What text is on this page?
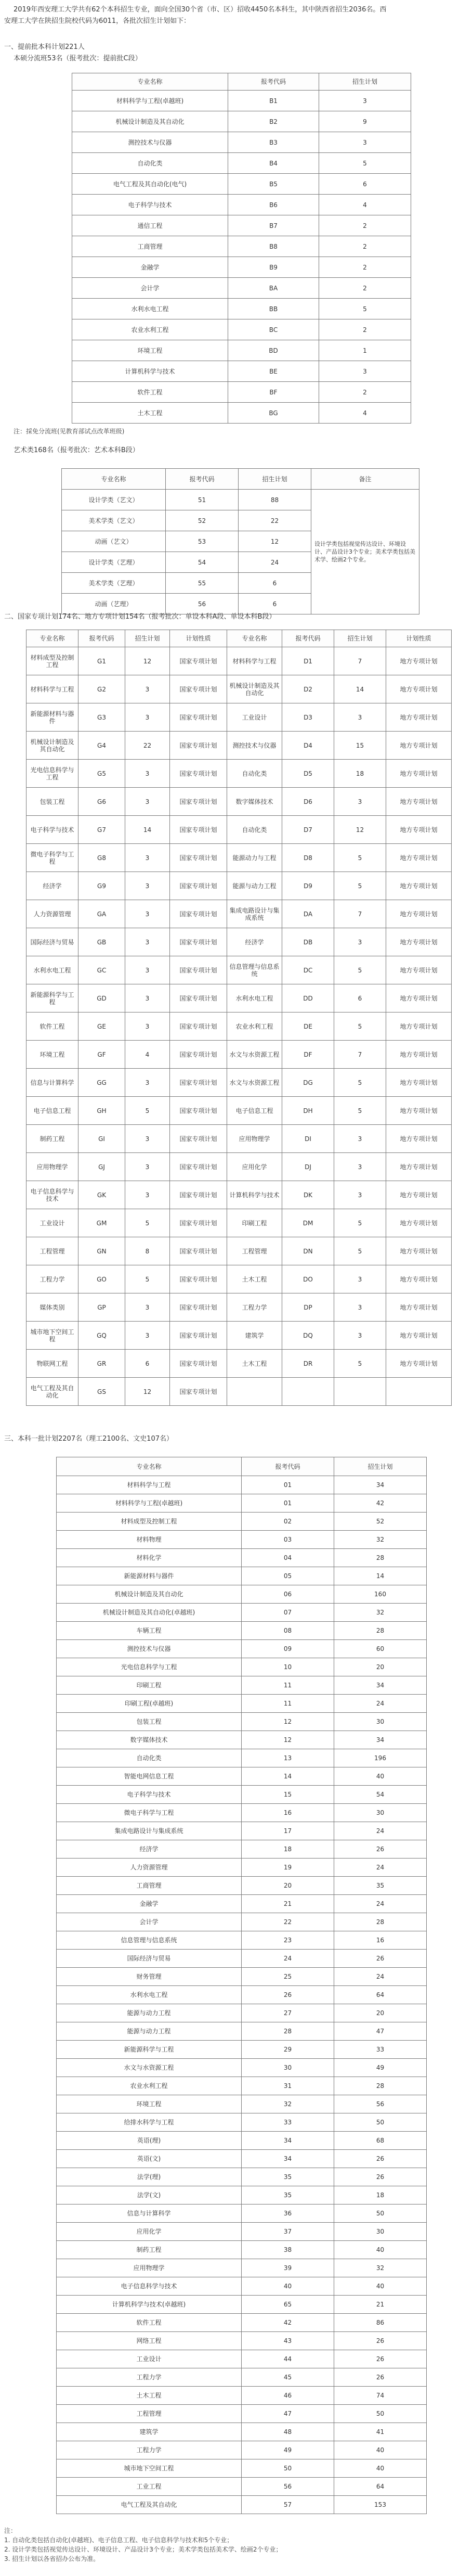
2019年西安理工大学共有62个本科招生专业，面向全国30个省（市、区）招收4450名本科生，其中陕西省招生2036名。西

安理工大学在陕招生院校代码为6011，各批次招生计划如下：

一、提前批本科计划221人

本硕分流班53名（报考批次：提前批C段）

专业名称	报考代码	招生计划
材料科学与工程(卓越班)	B1	3
机械设计制造及其自动化	B2	9
测控技术与仪器	B3	3
自动化类	B4	5
电气工程及其自动化(电气)	B5	6
电子科学与技术	B6	4
通信工程	B7	2
工商管理	B8	2
金融学	B9	2
会计学	BA	2
水利水电工程	BB	5
农业水利工程	BC	2
环境工程	BD	1
计算机科学与技术	BE	3
软件工程	BF	2
土木工程	BG	4

注：採免分流班(见教育部试点改革班级)

艺术类168名（报考批次：艺术本科B段）

专业名称	报考代码	招生计划	备注
设计学类（艺文）	51	88	设计学类包括视觉传达设计、环境设计、产品设计3个专业；美术学类包括美术学、绘画2个专业。
美术学类（艺文）	52	22	
动画（艺文）	53	12	
设计学类（艺理）	54	24	
美术学类（艺理）	55	6	
动画（艺理）	56	6	

二、国家专项计划174名、地方专项计划154名（报考批次：单设本科A段、单设本科B段）

专业名称	报考代码	招生计划	计划性质	专业名称	报考代码	招生计划	计划性质
材料成型及控制工程	G1	12	国家专项计划	材料科学与工程	D1	7	地方专项计划
材料科学与工程	G2	3	国家专项计划	机械设计制造及其自动化	D2	14	地方专项计划
新能源材料与器件	G3	3	国家专项计划	工业设计	D3	3	地方专项计划
机械设计制造及其自动化	G4	22	国家专项计划	测控技术与仪器	D4	15	地方专项计划
光电信息科学与工程	G5	3	国家专项计划	自动化类	D5	18	地方专项计划
包装工程	G6	3	国家专项计划	数字媒体技术	D6	3	地方专项计划
电子科学与技术	G7	14	国家专项计划	自动化类	D7	12	地方专项计划
微电子科学与工程	G8	3	国家专项计划	能源动力与工程	D8	5	地方专项计划
经济学	G9	3	国家专项计划	能源与动力工程	D9	5	地方专项计划
人力资源管理	GA	3	国家专项计划	集成电路设计与集成系统	DA	7	地方专项计划
国际经济与贸易	GB	3	国家专项计划	经济学	DB	3	地方专项计划
水利水电工程	GC	3	国家专项计划	信息管理与信息系统	DC	5	地方专项计划
新能源科学与工程	GD	3	国家专项计划	水利水电工程	DD	6	地方专项计划
软件工程	GE	3	国家专项计划	农业水利工程	DE	5	地方专项计划
环境工程	GF	4	国家专项计划	水文与水资源工程	DF	7	地方专项计划
信息与计算科学	GG	3	国家专项计划	水文与水资源工程	DG	5	地方专项计划
电子信息工程	GH	5	国家专项计划	电子信息工程	DH	5	地方专项计划
制药工程	GI	3	国家专项计划	应用物理学	DI	3	地方专项计划
应用物理学	GJ	3	国家专项计划	应用化学	DJ	3	地方专项计划
电子信息科学与技术	GK	3	国家专项计划	计算机科学与技术	DK	3	地方专项计划
工业设计	GM	5	国家专项计划	印刷工程	DM	5	地方专项计划
工程管理	GN	8	国家专项计划	工程管理	DN	5	地方专项计划
工程力学	GO	5	国家专项计划	土木工程	DO	3	地方专项计划
媒体类别	GP	3	国家专项计划	工程力学	DP	3	地方专项计划
城市地下空间工程	GQ	3	国家专项计划	建筑学	DQ	3	地方专项计划
物联网工程	GR	6	国家专项计划	土木工程	DR	5	地方专项计划
电气工程及其自动化	GS	12	国家专项计划				

三、本科一批计划2207名（理工2100名、文史107名）

专业名称	报考代码	招生计划
材料科学与工程	01	34
材料科学与工程(卓越班)	01	42
材料成型及控制工程	02	52
材料物理	03	32
材料化学	04	28
新能源材料与器件	05	14
机械设计制造及其自动化	06	160
机械设计制造及其自动化(卓越班)	07	32
车辆工程	08	28
测控技术与仪器	09	60
光电信息科学与工程	10	20
印刷工程	11	34
印刷工程(卓越班)	11	24
包装工程	12	30
数字媒体技术	12	34
自动化类	13	196
智能电网信息工程	14	40
电子科学与技术	15	54
微电子科学与工程	16	30
集成电路设计与集成系统	17	24
经济学	18	26
人力资源管理	19	24
工商管理	20	35
金融学	21	24
会计学	22	28
信息管理与信息系统	23	16
国际经济与贸易	24	26
财务管理	25	24
水利水电工程	26	64
能源与动力工程	27	20
能源与动力工程	28	47
新能源科学与工程	29	33
水文与水资源工程	30	49
农业水利工程	31	28
环境工程	32	56
给排水科学与工程	33	50
英语(理)	34	68
英语(文)	34	26
法学(理)	35	26
法学(文)	35	18
信息与计算科学	36	50
应用化学	37	30
制药工程	38	40
应用物理学	39	32
电子信息科学与技术	40	40
计算机科学与技术(卓越班)	65	21
软件工程	42	86
网络工程	43	26
工业设计	44	26
工程力学	45	26
土木工程	46	74
工程管理	47	50
建筑学	48	41
工程力学	49	40
城市地下空间工程	50	40
工业工程	56	64
电气工程及其自动化	57	153

注：

1. 自动化类包括自动化(卓越班)、电子信息工程、电子信息科学与技术和5个专业；

2. 设计学类包括视觉传达设计、环境设计、产品设计3个专业；美术学类包括美术学、绘画2个专业；

3. 招生计划以各省招办公布为准。
